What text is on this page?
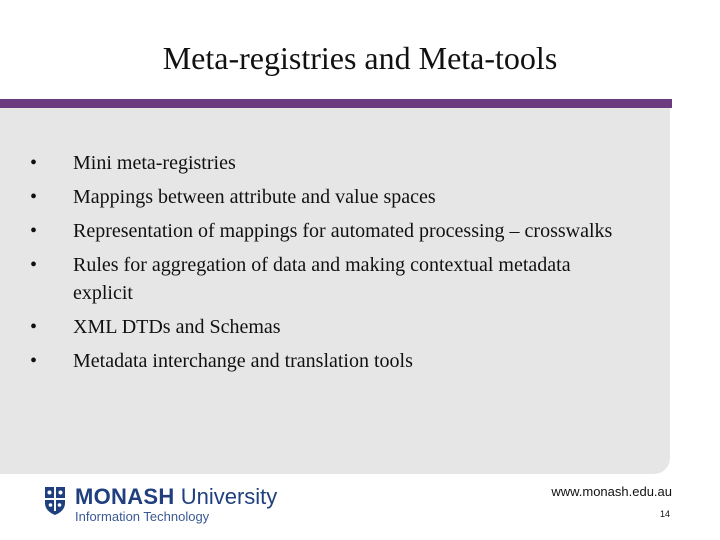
Meta-registries and Meta-tools
•	Mini meta-registries
•	Mappings between attribute and value spaces
•	Representation of mappings for automated processing – crosswalks
•	Rules for aggregation of data and making contextual metadata explicit
•	XML DTDs and Schemas
•	Metadata interchange and translation tools
MONASH University
Information Technology
www.monash.edu.au
14
